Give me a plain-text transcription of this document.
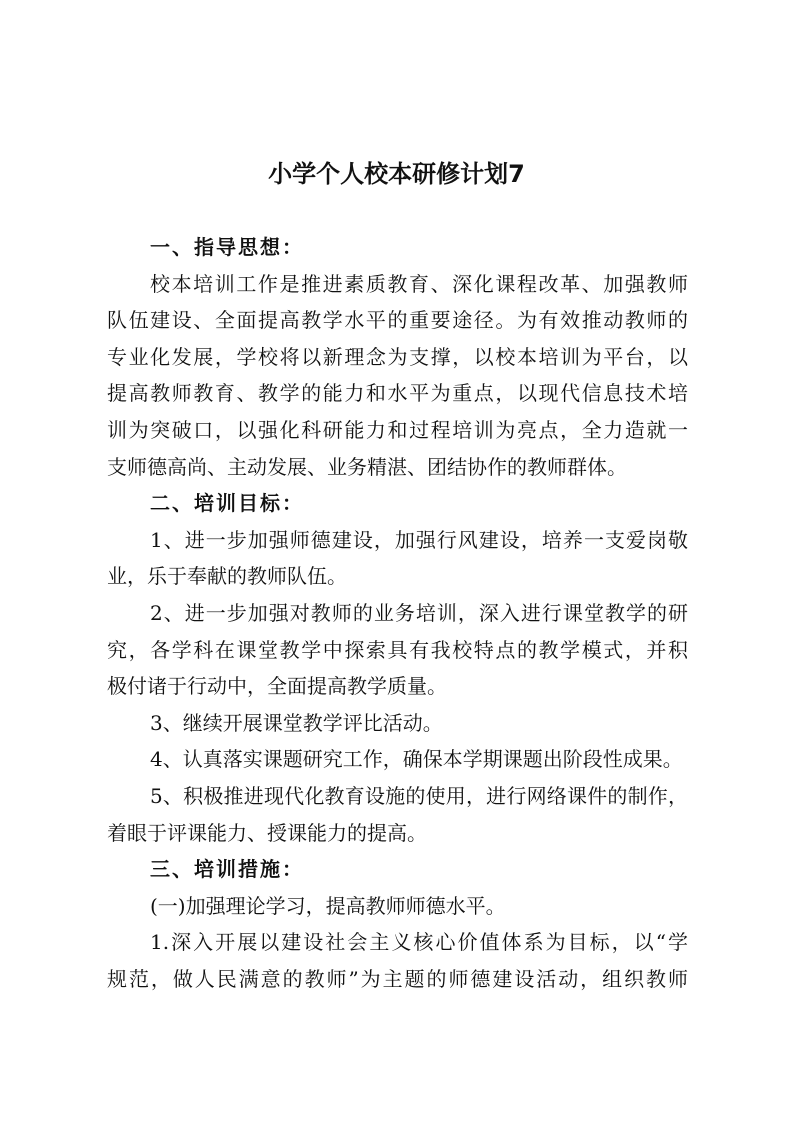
小学个人校本研修计划7
一、指导思想：
校本培训工作是推进素质教育、深化课程改革、加强教师
队伍建设、全面提高教学水平的重要途径。为有效推动教师的
专业化发展，学校将以新理念为支撑，以校本培训为平台，以
提高教师教育、教学的能力和水平为重点，以现代信息技术培
训为突破口，以强化科研能力和过程培训为亮点，全力造就一
支师德高尚、主动发展、业务精湛、团结协作的教师群体。
二、培训目标：
1、进一步加强师德建设，加强行风建设，培养一支爱岗敬
业，乐于奉献的教师队伍。
2、进一步加强对教师的业务培训，深入进行课堂教学的研
究，各学科在课堂教学中探索具有我校特点的教学模式，并积
极付诸于行动中，全面提高教学质量。
3、继续开展课堂教学评比活动。
4、认真落实课题研究工作，确保本学期课题出阶段性成果。
5、积极推进现代化教育设施的使用，进行网络课件的制作，
着眼于评课能力、授课能力的提高。
三、培训措施：
(一)加强理论学习，提高教师师德水平。
1.深入开展以建设社会主义核心价值体系为目标，以“学
规范，做人民满意的教师”为主题的师德建设活动，组织教师
